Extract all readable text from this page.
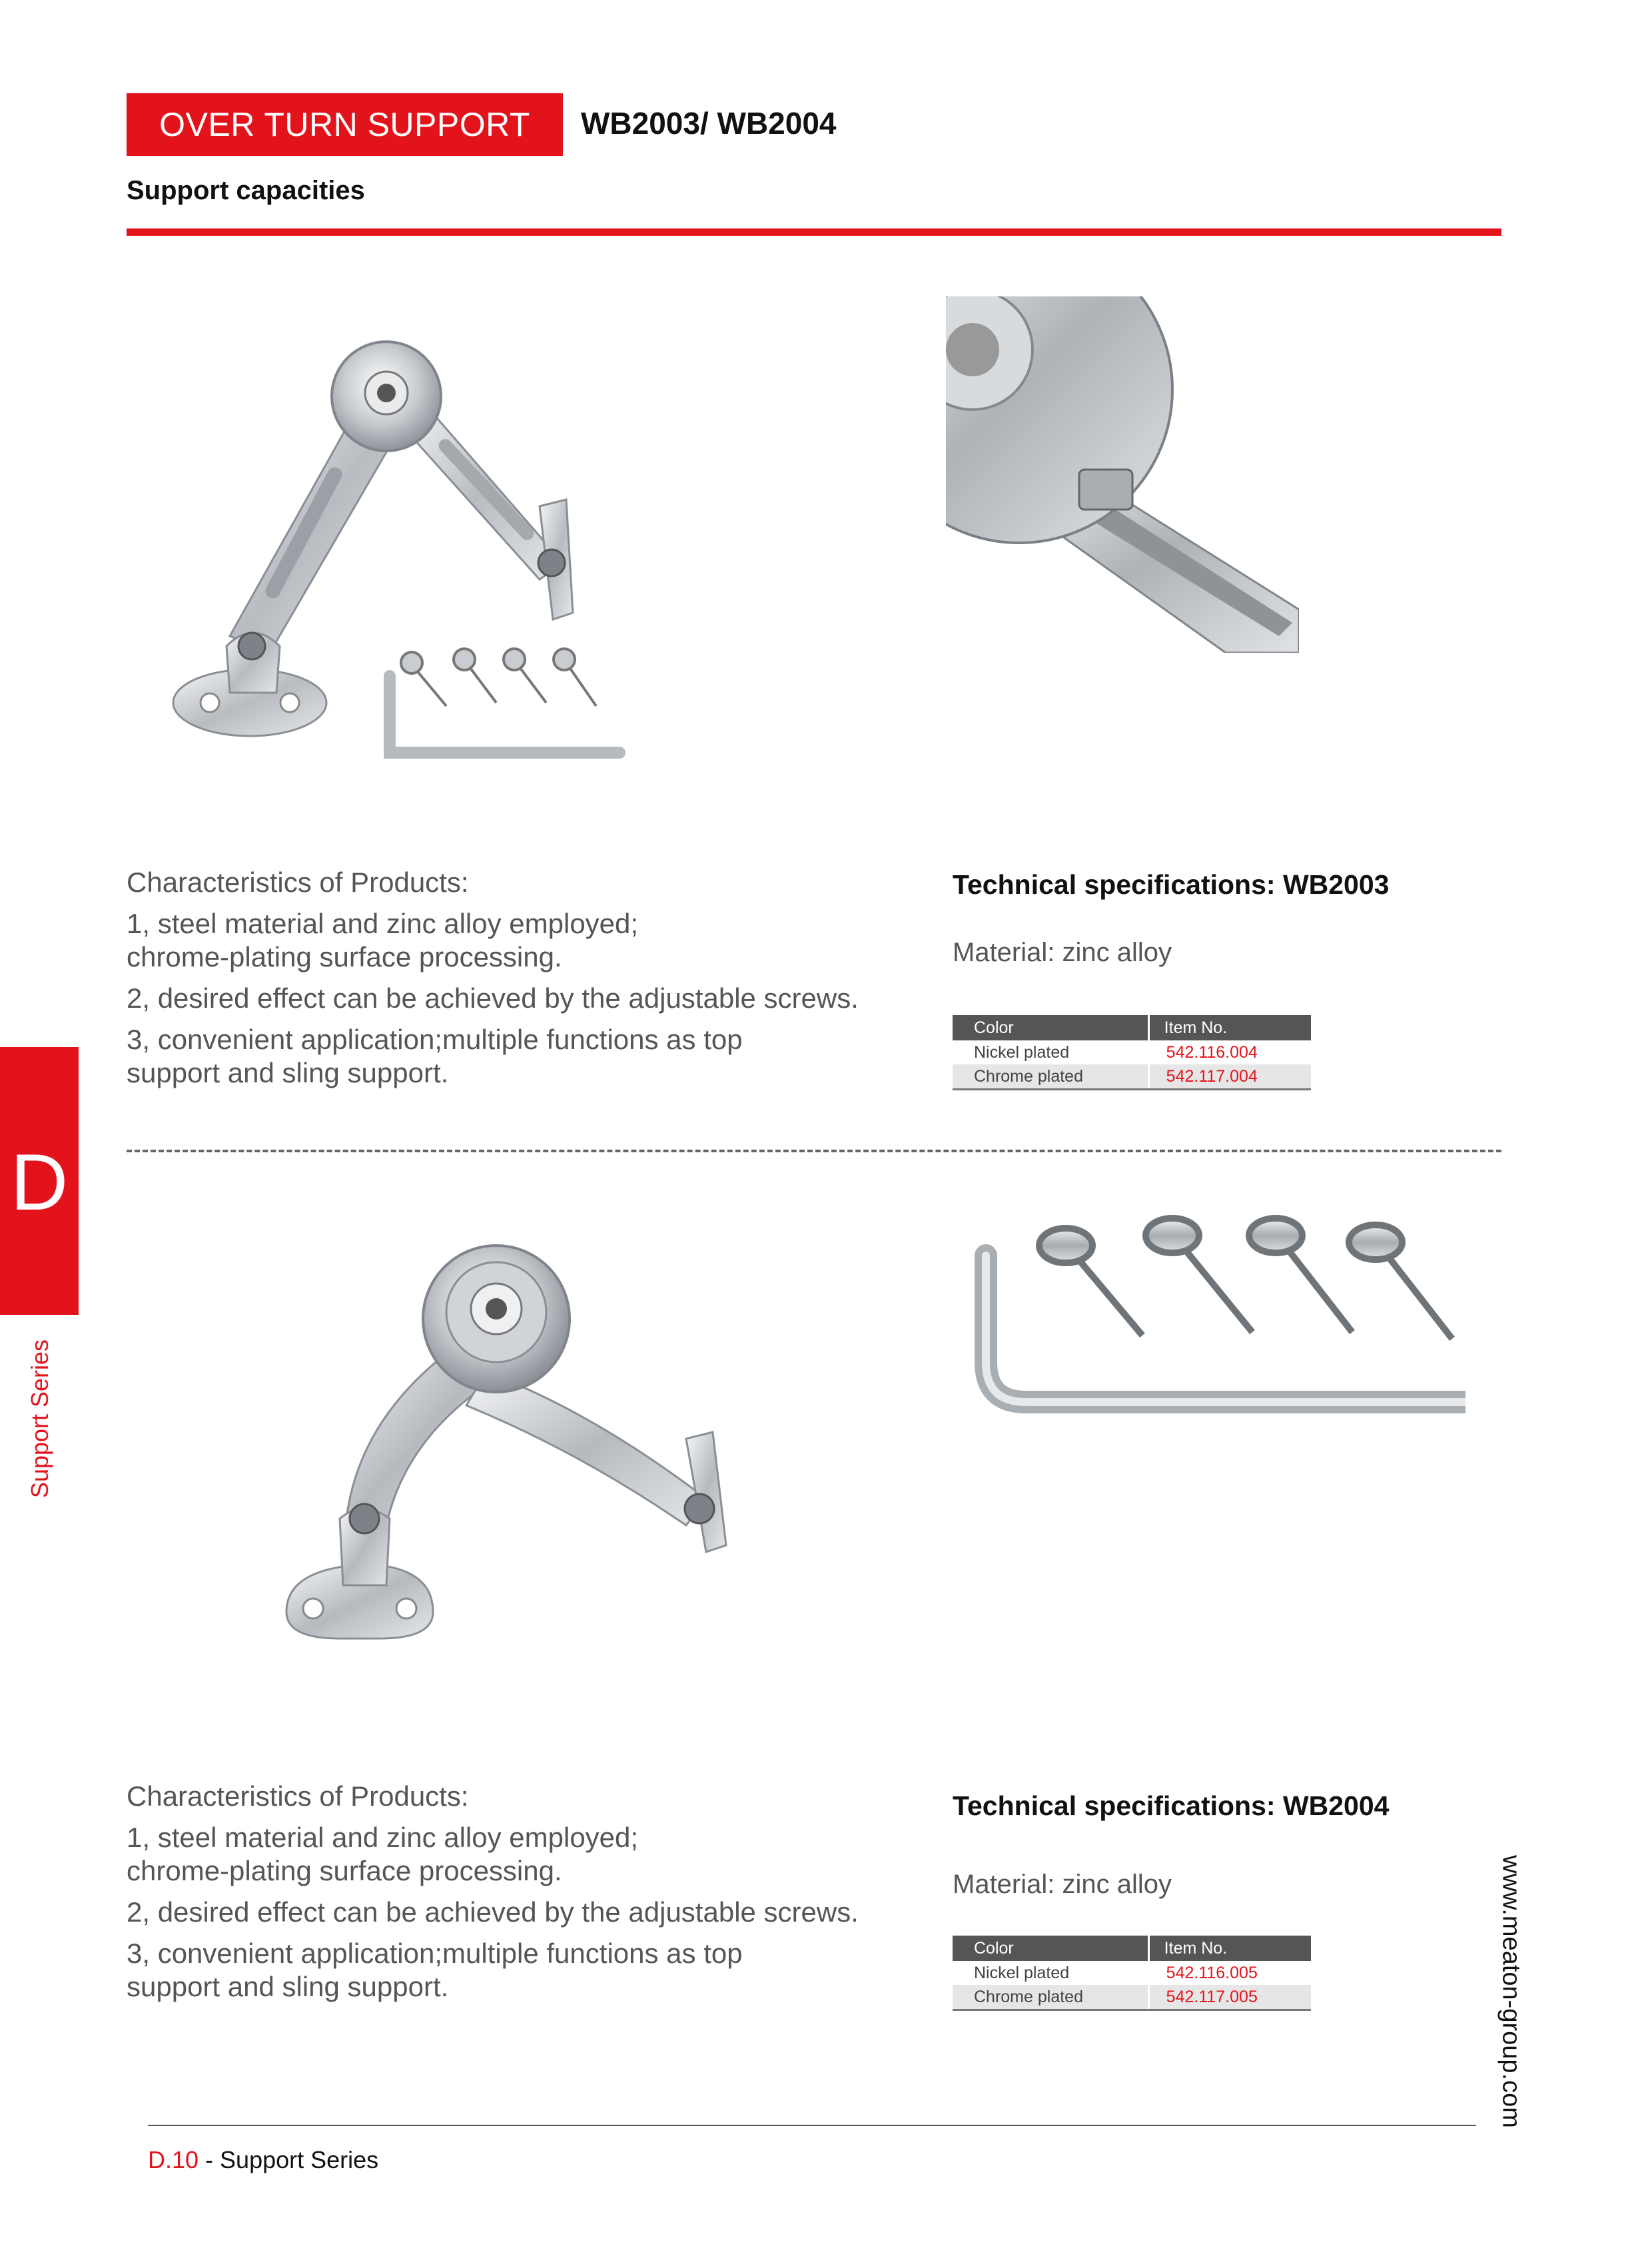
OVER TURN SUPPORT	WB2003/ WB2004
Support capacities
D
Support Series
Characteristics of Products:
1, steel material and zinc alloy employed;
chrome-plating surface processing.
2, desired effect can be achieved by the adjustable screws.
3, convenient application;multiple functions as top
support and sling support.
Technical specifications: WB2003
Material: zinc alloy
Color	Item No.
Nickel plated	542.116.004
Chrome plated	542.117.004
Characteristics of Products:
1, steel material and zinc alloy employed;
chrome-plating surface processing.
2, desired effect can be achieved by the adjustable screws.
3, convenient application;multiple functions as top
support and sling support.
Technical specifications: WB2004
Material: zinc alloy
Color	Item No.
Nickel plated	542.116.005
Chrome plated	542.117.005	www.meaton-group.com
D.10 - Support Series
